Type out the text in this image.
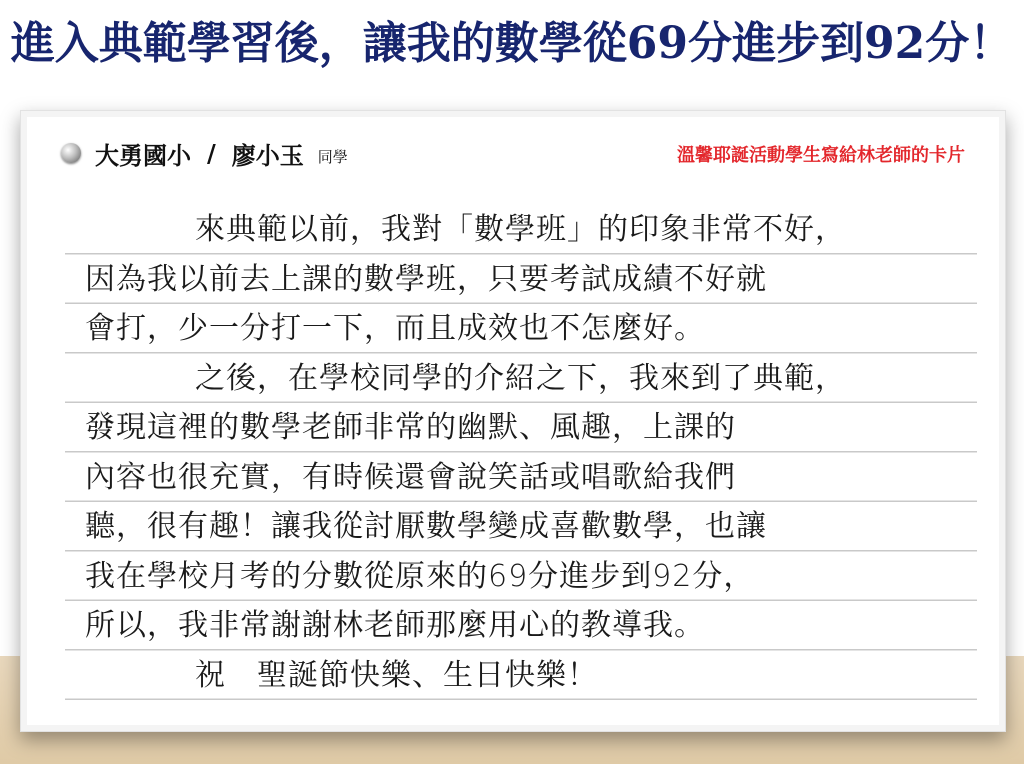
進入典範學習後，讓我的數學從69分進步到92分！
大勇國小 / 廖小玉 同學	溫馨耶誕活動學生寫給林老師的卡片
來典範以前，我對「數學班」的印象非常不好，
因為我以前去上課的數學班，只要考試成績不好就
會打，少一分打一下，而且成效也不怎麼好。
之後，在學校同學的介紹之下，我來到了典範，
發現這裡的數學老師非常的幽默、風趣，上課的
內容也很充實，有時候還會說笑話或唱歌給我們
聽，很有趣！讓我從討厭數學變成喜歡數學，也讓
我在學校月考的分數從原來的69分進步到92分，
所以，我非常謝謝林老師那麼用心的教導我。
祝　聖誕節快樂、生日快樂！
